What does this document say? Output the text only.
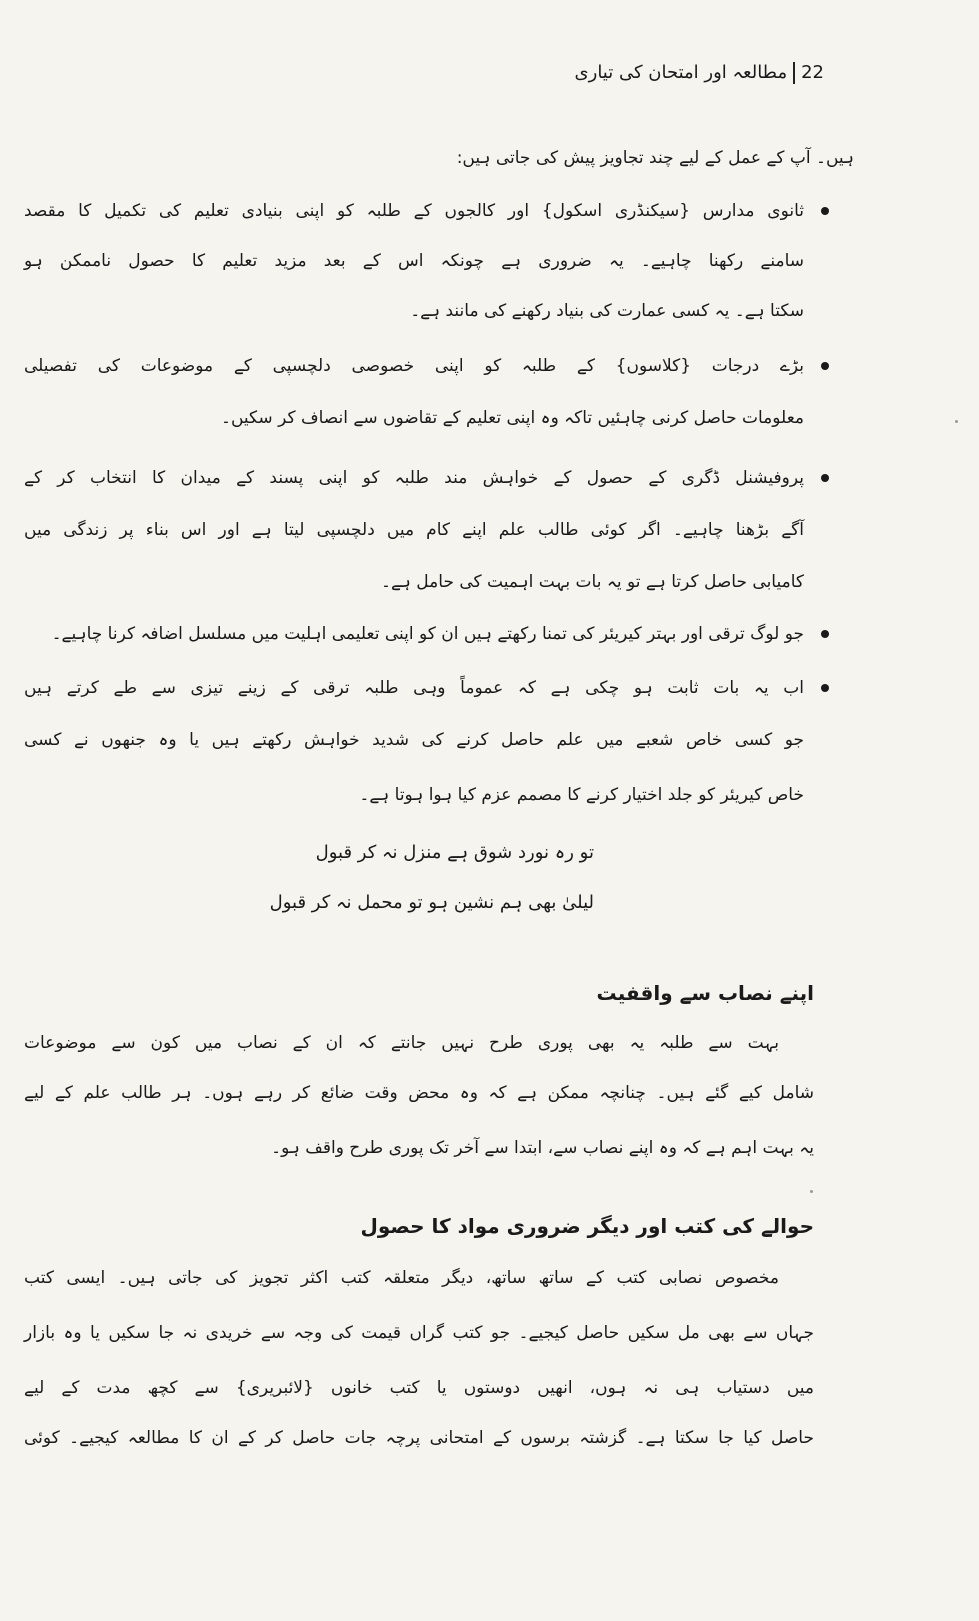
22مطالعہ اور امتحان کی تیاری
ہیں۔ آپ کے عمل کے لیے چند تجاویز پیش کی جاتی ہیں:
ثانوی مدارس {سیکنڈری اسکول} اور کالجوں کے طلبہ کو اپنی بنیادی تعلیم کی تکمیل کا مقصد
سامنے رکھنا چاہیے۔ یہ ضروری ہے چونکہ اس کے بعد مزید تعلیم کا حصول ناممکن ہو
سکتا ہے۔ یہ کسی عمارت کی بنیاد رکھنے کی مانند ہے۔
بڑے درجات {کلاسوں} کے طلبہ کو اپنی خصوصی دلچسپی کے موضوعات کی تفصیلی
معلومات حاصل کرنی چاہئیں تاکہ وہ اپنی تعلیم کے تقاضوں سے انصاف کر سکیں۔
پروفیشنل ڈگری کے حصول کے خواہش مند طلبہ کو اپنی پسند کے میدان کا انتخاب کر کے
آگے بڑھنا چاہیے۔ اگر کوئی طالب علم اپنے کام میں دلچسپی لیتا ہے اور اس بناء پر زندگی میں
کامیابی حاصل کرتا ہے تو یہ بات بہت اہمیت کی حامل ہے۔
جو لوگ ترقی اور بہتر کیریئر کی تمنا رکھتے ہیں ان کو اپنی تعلیمی اہلیت میں مسلسل اضافہ کرنا چاہیے۔
اب یہ بات ثابت ہو چکی ہے کہ عموماً وہی طلبہ ترقی کے زینے تیزی سے طے کرتے ہیں
جو کسی خاص شعبے میں علم حاصل کرنے کی شدید خواہش رکھتے ہیں یا وہ جنھوں نے کسی
خاص کیریئر کو جلد اختیار کرنے کا مصمم عزم کیا ہوا ہوتا ہے۔
تو رہ نورد شوق ہے منزل نہ کر قبول
لیلیٰ بھی ہم نشین ہو تو محمل نہ کر قبول
اپنے نصاب سے واقفیت
بہت سے طلبہ یہ بھی پوری طرح نہیں جانتے کہ ان کے نصاب میں کون سے موضوعات
شامل کیے گئے ہیں۔ چنانچہ ممکن ہے کہ وہ محض وقت ضائع کر رہے ہوں۔ ہر طالب علم کے لیے
یہ بہت اہم ہے کہ وہ اپنے نصاب سے، ابتدا سے آخر تک پوری طرح واقف ہو۔
حوالے کی کتب اور دیگر ضروری مواد کا حصول
مخصوص نصابی کتب کے ساتھ ساتھ، دیگر متعلقہ کتب اکثر تجویز کی جاتی ہیں۔ ایسی کتب
جہاں سے بھی مل سکیں حاصل کیجیے۔ جو کتب گراں قیمت کی وجہ سے خریدی نہ جا سکیں یا وہ بازار
میں دستیاب ہی نہ ہوں، انھیں دوستوں یا کتب خانوں {لائبریری} سے کچھ مدت کے لیے
حاصل کیا جا سکتا ہے۔ گزشتہ برسوں کے امتحانی پرچہ جات حاصل کر کے ان کا مطالعہ کیجیے۔ کوئی
